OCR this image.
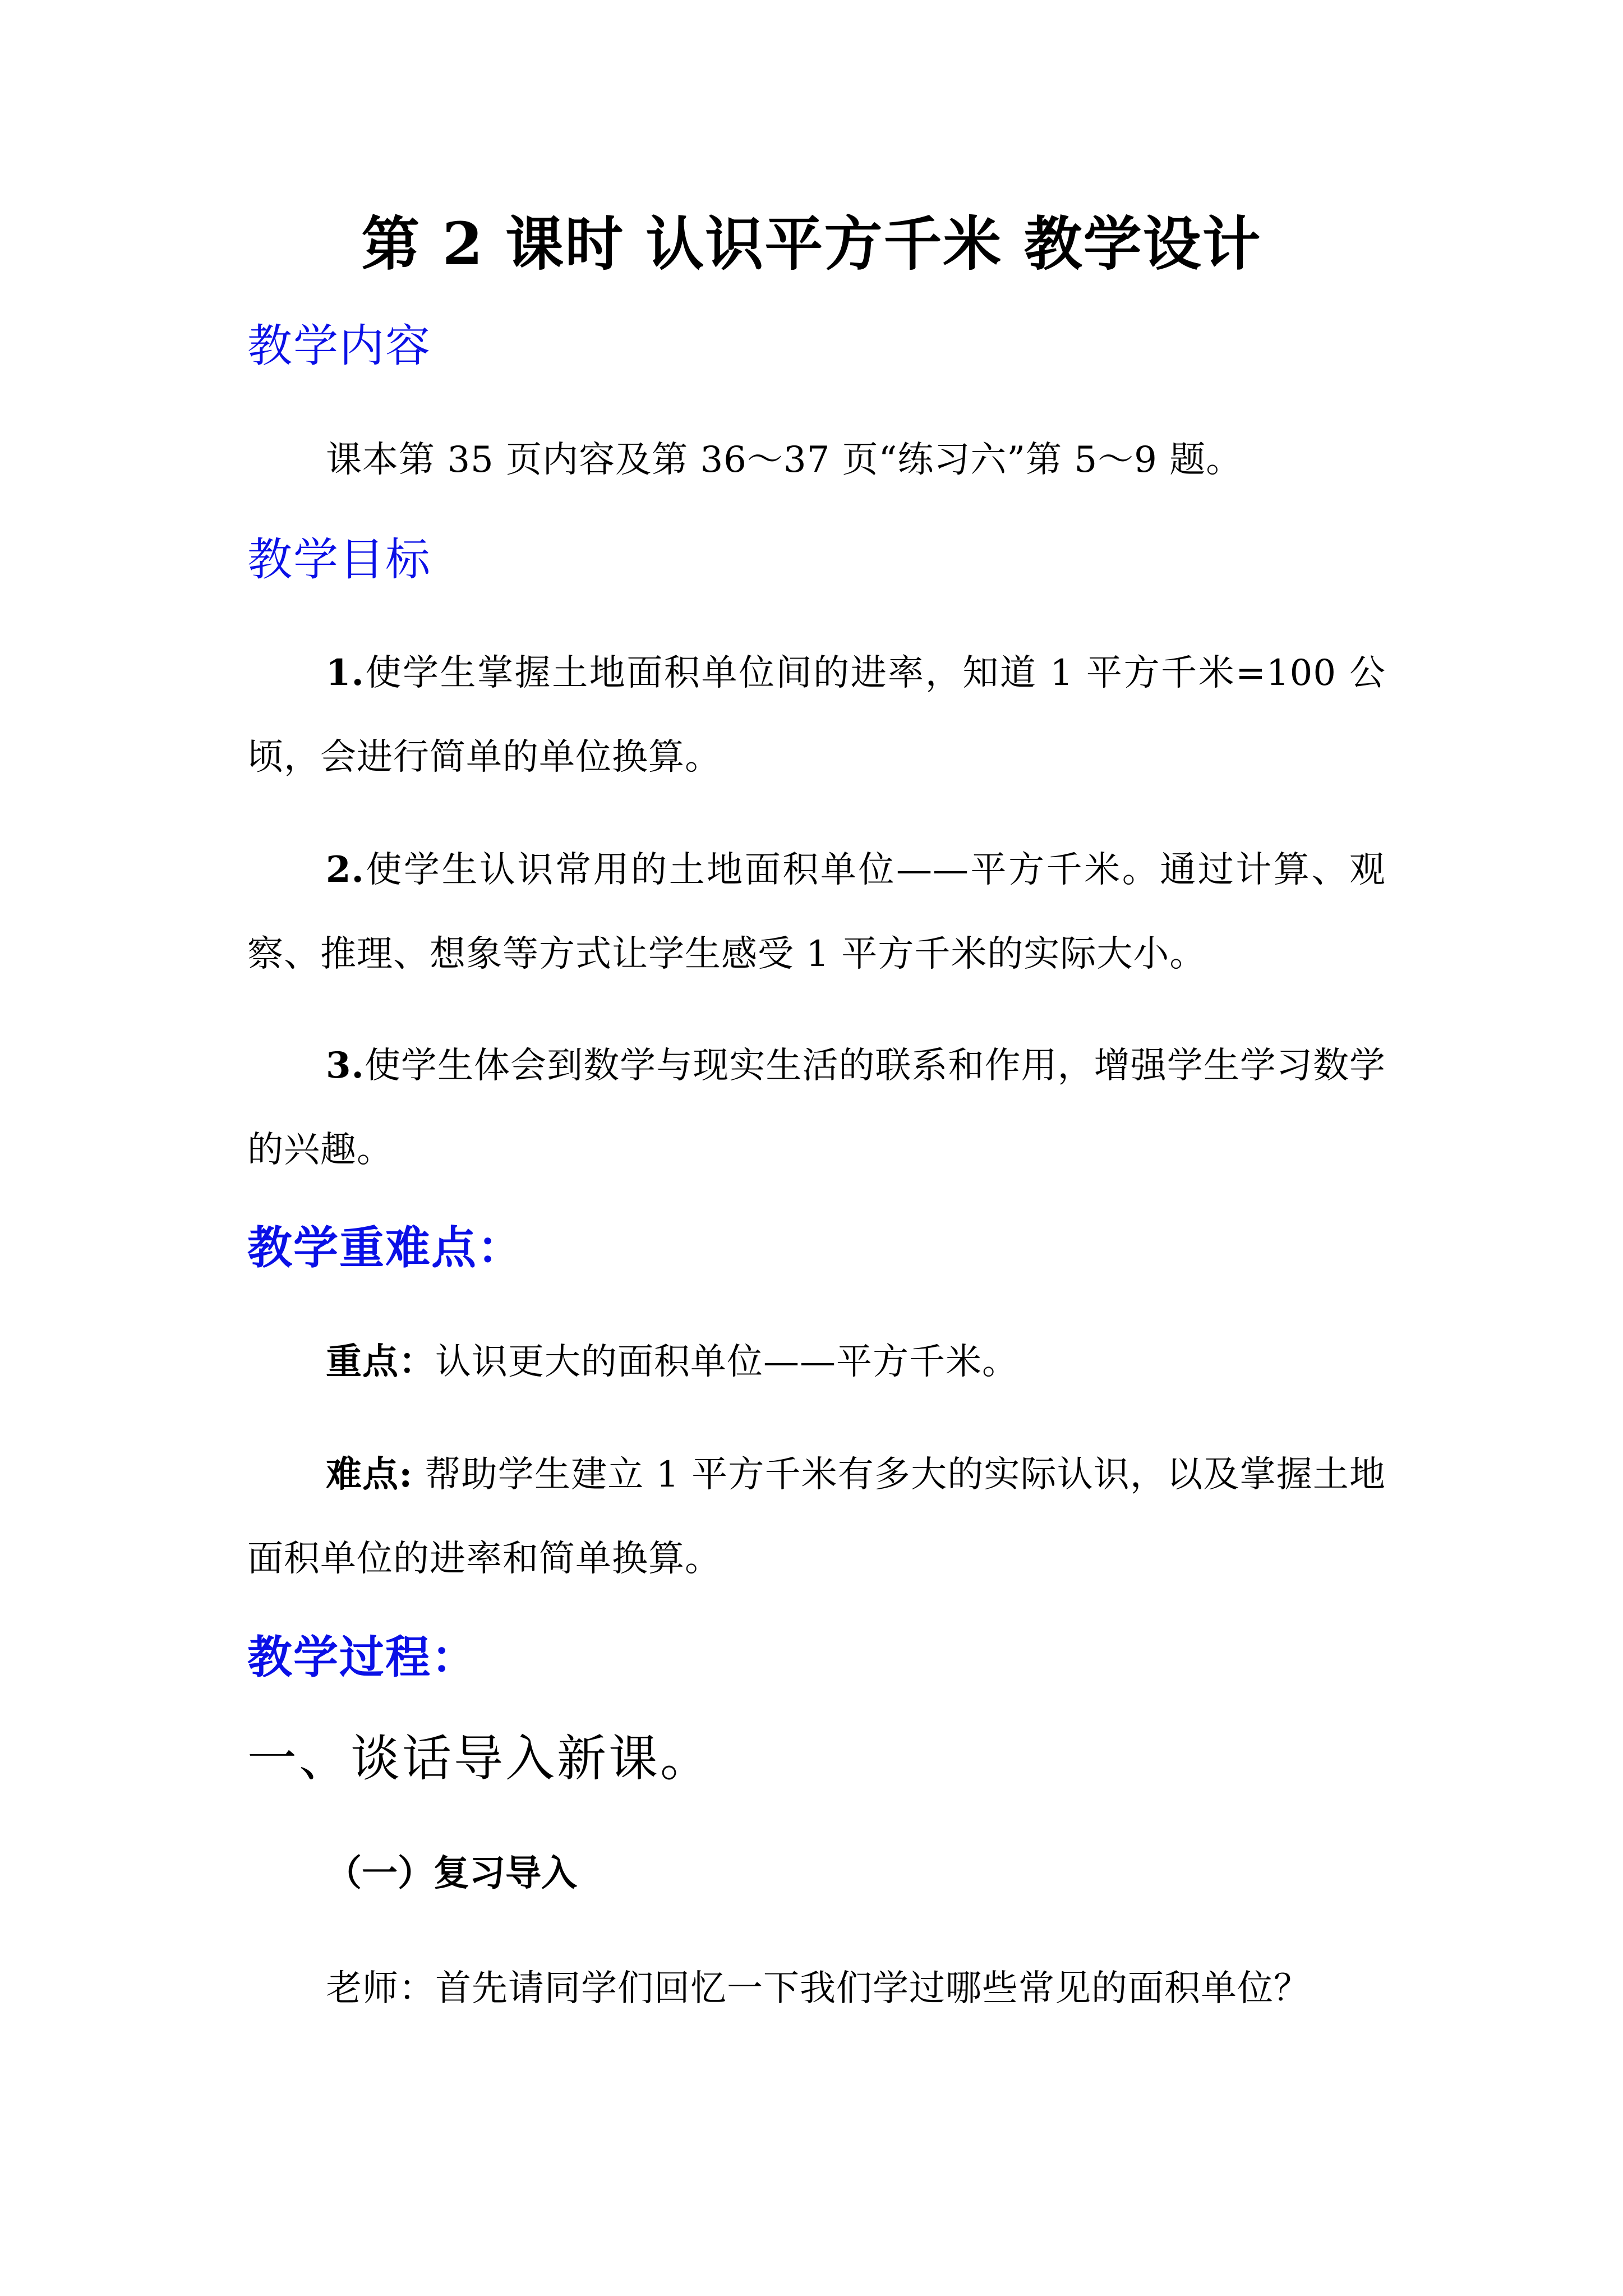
第 2 课时 认识平方千米 教学设计
教学内容
课本第 35 页内容及第 36～37 页“练习六”第 5～9 题。
教学目标
1.使学生掌握土地面积单位间的进率，知道 1 平方千米=100 公顷，会进行简单的单位换算。
2.使学生认识常用的土地面积单位——平方千米。通过计算、观察、推理、想象等方式让学生感受 1 平方千米的实际大小。
3.使学生体会到数学与现实生活的联系和作用，增强学生学习数学的兴趣。
教学重难点：
重点：认识更大的面积单位——平方千米。
难点: 帮助学生建立 1 平方千米有多大的实际认识，以及掌握土地面积单位的进率和简单换算。
教学过程：
一、谈话导入新课。
（一）复习导入
老师：首先请同学们回忆一下我们学过哪些常见的面积单位？
